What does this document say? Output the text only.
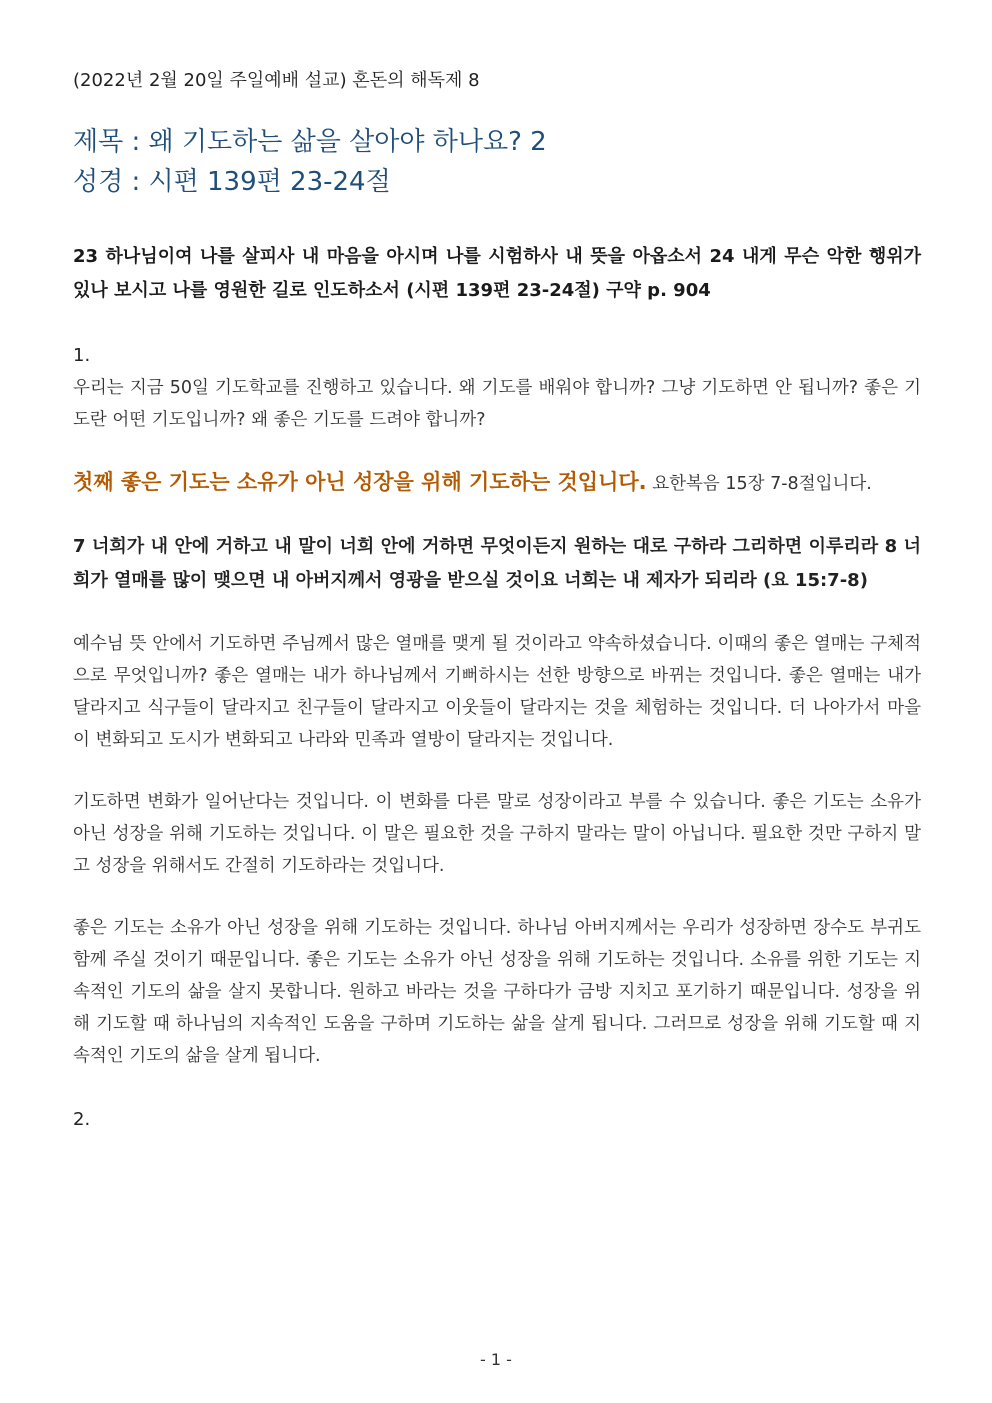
(2022년 2월 20일 주일예배 설교) 혼돈의 해독제 8

제목 : 왜 기도하는 삶을 살아야 하나요? 2

성경 : 시편 139편 23-24절

23 하나님이여 나를 살피사 내 마음을 아시며 나를 시험하사 내 뜻을 아옵소서 24 내게 무슨 악한 행위가 있나 보시고 나를 영원한 길로 인도하소서 (시편 139편 23-24절) 구약 p. 904

1.

우리는 지금 50일 기도학교를 진행하고 있습니다. 왜 기도를 배워야 합니까? 그냥 기도하면 안 됩니까? 좋은 기도란 어떤 기도입니까? 왜 좋은 기도를 드려야 합니까?

첫째 좋은 기도는 소유가 아닌 성장을 위해 기도하는 것입니다. 요한복음 15장 7-8절입니다.

7 너희가 내 안에 거하고 내 말이 너희 안에 거하면 무엇이든지 원하는 대로 구하라 그리하면 이루리라 8 너희가 열매를 많이 맺으면 내 아버지께서 영광을 받으실 것이요 너희는 내 제자가 되리라 (요 15:7-8)

예수님 뜻 안에서 기도하면 주님께서 많은 열매를 맺게 될 것이라고 약속하셨습니다. 이때의 좋은 열매는 구체적으로 무엇입니까? 좋은 열매는 내가 하나님께서 기뻐하시는 선한 방향으로 바뀌는 것입니다. 좋은 열매는 내가 달라지고 식구들이 달라지고 친구들이 달라지고 이웃들이 달라지는 것을 체험하는 것입니다. 더 나아가서 마을이 변화되고 도시가 변화되고 나라와 민족과 열방이 달라지는 것입니다.

기도하면 변화가 일어난다는 것입니다. 이 변화를 다른 말로 성장이라고 부를 수 있습니다. 좋은 기도는 소유가 아닌 성장을 위해 기도하는 것입니다. 이 말은 필요한 것을 구하지 말라는 말이 아닙니다. 필요한 것만 구하지 말고 성장을 위해서도 간절히 기도하라는 것입니다.

좋은 기도는 소유가 아닌 성장을 위해 기도하는 것입니다. 하나님 아버지께서는 우리가 성장하면 장수도 부귀도 함께 주실 것이기 때문입니다. 좋은 기도는 소유가 아닌 성장을 위해 기도하는 것입니다. 소유를 위한 기도는 지속적인 기도의 삶을 살지 못합니다. 원하고 바라는 것을 구하다가 금방 지치고 포기하기 때문입니다. 성장을 위해 기도할 때 하나님의 지속적인 도움을 구하며 기도하는 삶을 살게 됩니다. 그러므로 성장을 위해 기도할 때 지속적인 기도의 삶을 살게 됩니다.

2.

- 1 -
